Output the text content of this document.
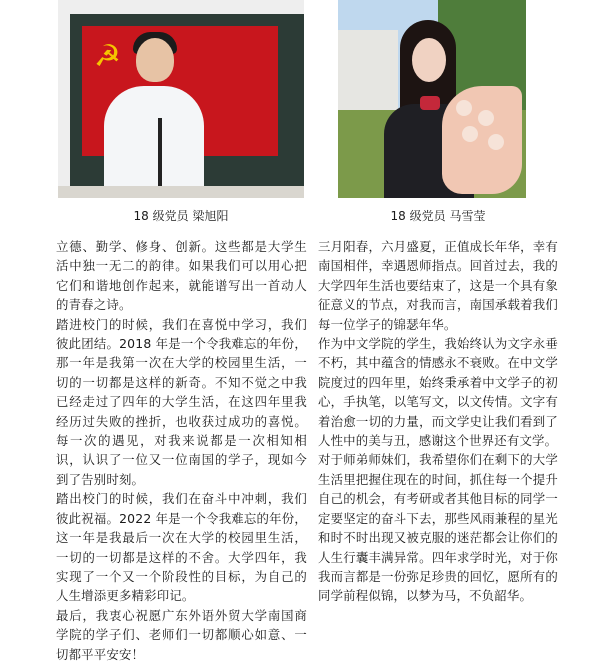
☭
18 级党员 梁旭阳

立德、勤学、修身、创新。这些都是大学生活中独一无二的韵律。如果我们可以用心把它们和谐地创作起来，就能谱写出一首动人的青春之诗。

踏进校门的时候，我们在喜悦中学习，我们彼此团结。2018 年是一个令我难忘的年份，那一年是我第一次在大学的校园里生活，一切的一切都是这样的新奇。不知不觉之中我已经走过了四年的大学生活，在这四年里我经历过失败的挫折，也收获过成功的喜悦。每一次的遇见，对我来说都是一次相知相识，认识了一位又一位南国的学子，现如今到了告别时刻。

踏出校门的时候，我们在奋斗中冲刺，我们彼此祝福。2022 年是一个令我难忘的年份，这一年是我最后一次在大学的校园里生活，一切的一切都是这样的不舍。大学四年，我实现了一个又一个阶段性的目标，为自己的人生增添更多精彩印记。

最后，我衷心祝愿广东外语外贸大学南国商学院的学子们、老师们一切都顺心如意、一切都平平安安！

18 级党员 马雪莹

三月阳春，六月盛夏，正值成长年华，幸有南国相伴，幸遇恩师指点。回首过去，我的大学四年生活也要结束了，这是一个具有象征意义的节点，对我而言，南国承载着我们每一位学子的锦瑟年华。

作为中文学院的学生，我始终认为文字永垂不朽，其中蕴含的情感永不衰败。在中文学院度过的四年里，始终秉承着中文学子的初心，手执笔，以笔写文，以文传情。文字有着治愈一切的力量，而文学史让我们看到了人性中的美与丑，感谢这个世界还有文学。

对于师弟师妹们，我希望你们在剩下的大学生活里把握住现在的时间，抓住每一个提升自己的机会，有考研或者其他目标的同学一定要坚定的奋斗下去，那些风雨兼程的星光和时不时出现又被克服的迷茫都会让你们的人生行囊丰满异常。四年求学时光，对于你我而言都是一份弥足珍贵的回忆，愿所有的同学前程似锦，以梦为马，不负韶华。
